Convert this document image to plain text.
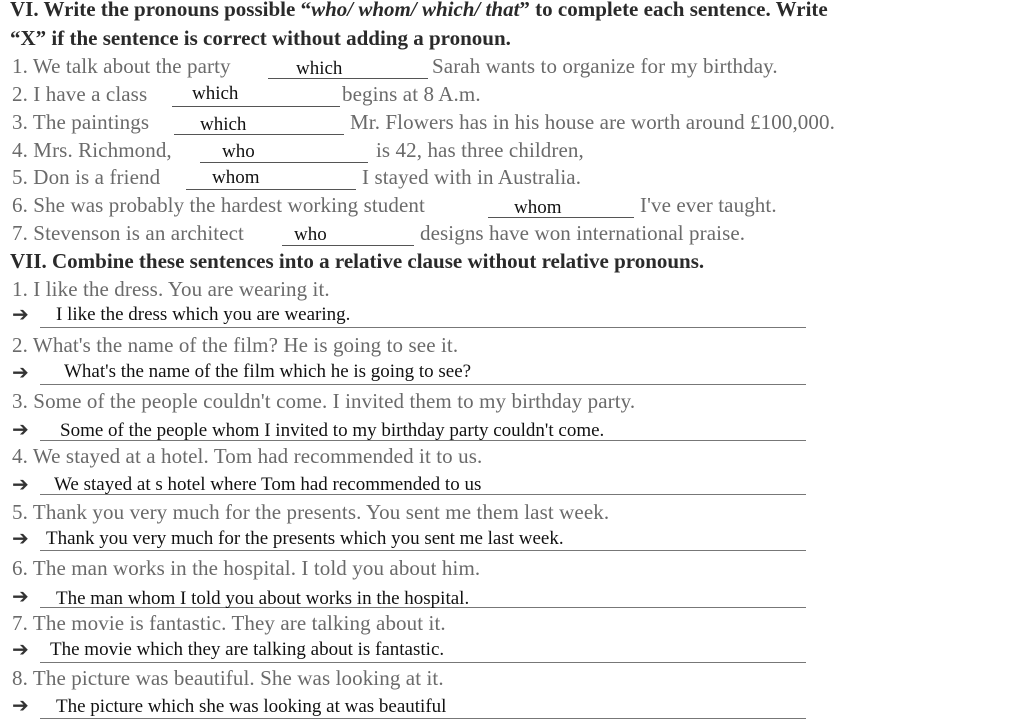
VI. Write the pronouns possible “who/ whom/ which/ that” to complete each sentence. Write
“X” if the sentence is correct without adding a pronoun.
1. We talk about the party	which	Sarah wants to organize for my birthday.
2. I have a class which	begins at 8 A.m.
3. The paintings	which	Mr. Flowers has in his house are worth around £100,000.
4. Mrs. Richmond,	who	is 42, has three children,
5. Don is a friend	whom	I stayed with in Australia.
6. She was probably the hardest working student	whom	I've ever taught.
7. Stevenson is an architect	who	designs have won international praise.
VII. Combine these sentences into a relative clause without relative pronouns.
1. I like the dress. You are wearing it.
➔ I like the dress which you are wearing.
2. What's the name of the film? He is going to see it.
➔ What's the name of the film which he is going to see?
3. Some of the people couldn't come. I invited them to my birthday party.
➔ Some of the people whom I invited to my birthday party couldn't come.
4. We stayed at a hotel. Tom had recommended it to us.
➔ We stayed at s hotel where Tom had recommended to us
5. Thank you very much for the presents. You sent me them last week.
➔ Thank you very much for the presents which you sent me last week.
6. The man works in the hospital. I told you about him.
➔ The man whom I told you about works in the hospital.
7. The movie is fantastic. They are talking about it.
➔ The movie which they are talking about is fantastic.
8. The picture was beautiful. She was looking at it.
➔ The picture which she was looking at was beautiful
